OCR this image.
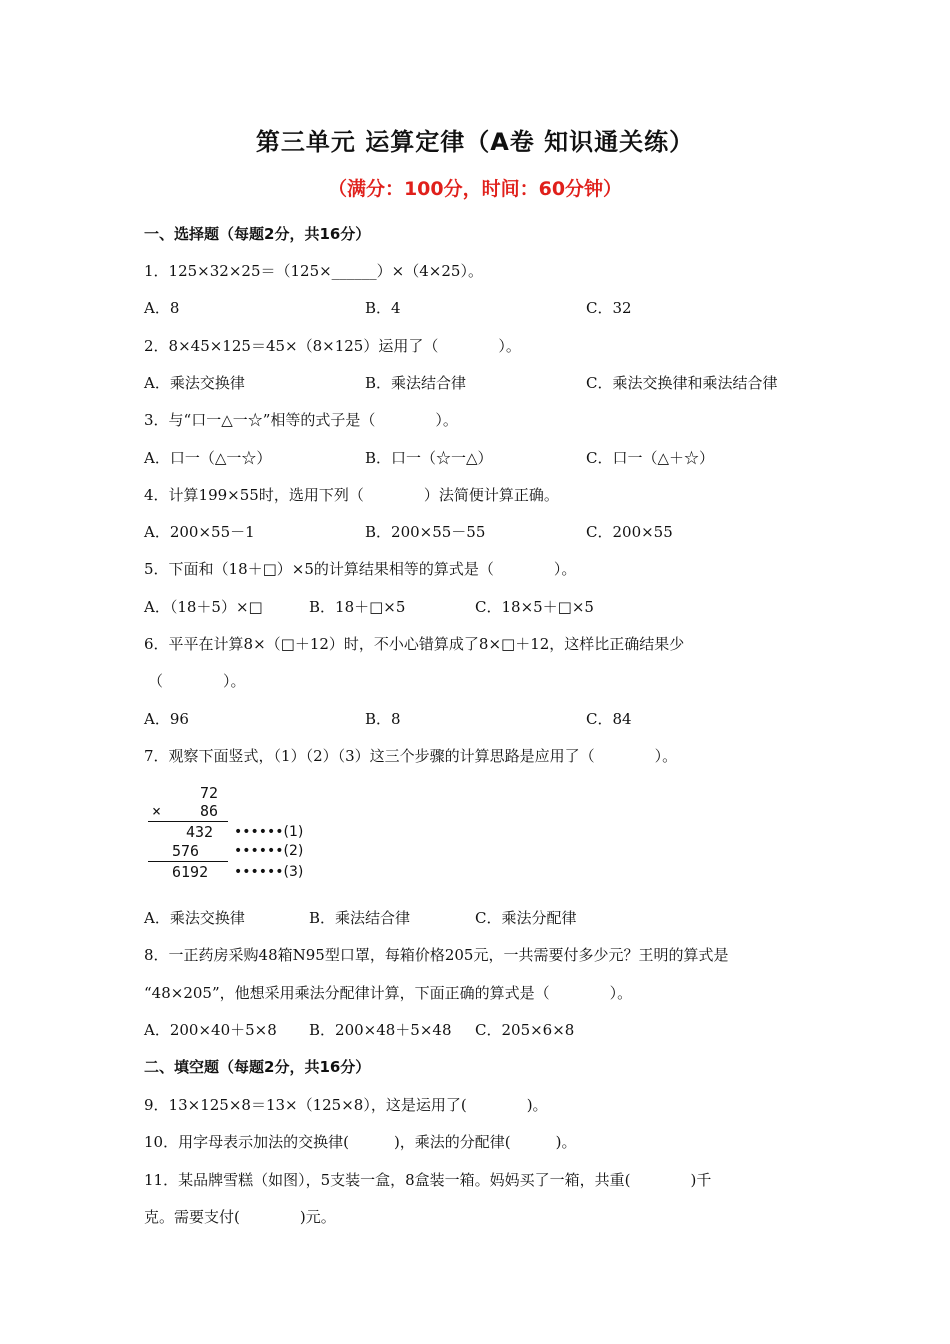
第三单元 运算定律（A卷 知识通关练）
（满分：100分，时间：60分钟）
一、选择题（每题2分，共16分）
1．125×32×25＝（125×______）×（4×25）。
A．8	B．4	C．32
2．8×45×125＝45×（8×125）运用了（　　　　）。
A．乘法交换律	B．乘法结合律	C．乘法交换律和乘法结合律
3．与“口一△一☆”相等的式子是（　　　　）。
A．口一（△一☆）	B．口一（☆一△）	C．口一（△＋☆）
4．计算199×55时，选用下列（　　　　）法简便计算正确。
A．200×55－1	B．200×55－55	C．200×55
5．下面和（18＋□）×5的计算结果相等的算式是（　　　　）。
A．（18＋5）×□	B．18＋□×5	C．18×5＋□×5
6．平平在计算8×（□＋12）时，不小心错算成了8×□＋12，这样比正确结果少
（　　　　）。
A．96	B．8	C．84
7．观察下面竖式，（1）（2）（3）这三个步骤的计算思路是应用了（　　　　）。
72
×	86
432 ••••••(1)
576 ••••••(2)
6192 ••••••(3)
A．乘法交换律	B．乘法结合律	C．乘法分配律
8．一正药房采购48箱N95型口罩，每箱价格205元，一共需要付多少元？王明的算式是
“48×205”，他想采用乘法分配律计算，下面正确的算式是（　　　　）。
A．200×40＋5×8 B．200×48＋5×48 C．205×6×8
二、填空题（每题2分，共16分）
9．13×125×8＝13×（125×8），这是运用了(　　　　)。
10．用字母表示加法的交换律(　　　)，乘法的分配律(　　　)。
11．某品牌雪糕（如图），5支装一盒，8盒装一箱。妈妈买了一箱，共重(　　　　)千
克。需要支付(　　　　)元。
